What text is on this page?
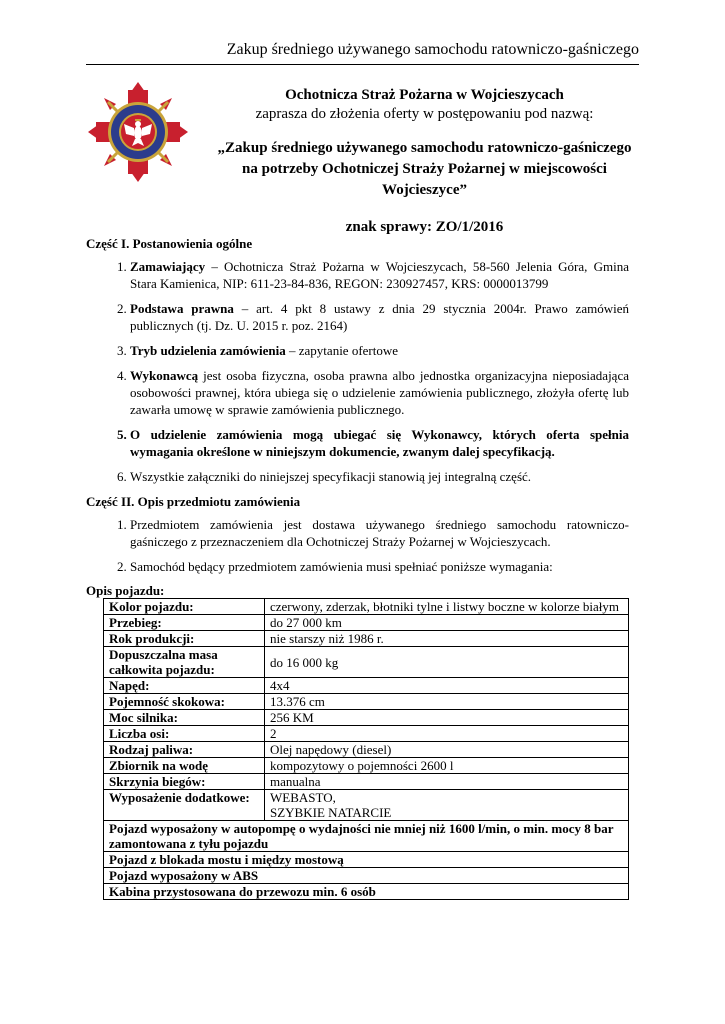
Zakup średniego używanego samochodu ratowniczo-gaśniczego
Ochotnicza Straż Pożarna w Wojcieszycach
zaprasza do złożenia oferty w postępowaniu pod nazwą:
„Zakup średniego używanego samochodu ratowniczo-gaśniczego na potrzeby Ochotniczej Straży Pożarnej w miejscowości Wojcieszyce”
znak sprawy: ZO/1/2016
Część I. Postanowienia ogólne
1. Zamawiający – Ochotnicza Straż Pożarna w Wojcieszycach, 58-560 Jelenia Góra, Gmina Stara Kamienica, NIP: 611-23-84-836, REGON: 230927457, KRS: 0000013799
2. Podstawa prawna – art. 4 pkt 8 ustawy z dnia 29 stycznia 2004r. Prawo zamówień publicznych (tj. Dz. U. 2015 r. poz. 2164)
3. Tryb udzielenia zamówienia – zapytanie ofertowe
4. Wykonawcą jest osoba fizyczna, osoba prawna albo jednostka organizacyjna nieposiadająca osobowości prawnej, która ubiega się o udzielenie zamówienia publicznego, złożyła ofertę lub zawarła umowę w sprawie zamówienia publicznego.
5. O udzielenie zamówienia mogą ubiegać się Wykonawcy, których oferta spełnia wymagania określone w niniejszym dokumencie, zwanym dalej specyfikacją.
6. Wszystkie załączniki do niniejszej specyfikacji stanowią jej integralną część.
Część II. Opis przedmiotu zamówienia
1. Przedmiotem zamówienia jest dostawa używanego średniego samochodu ratowniczo-gaśniczego z przeznaczeniem dla Ochotniczej Straży Pożarnej w Wojcieszycach.
2. Samochód będący przedmiotem zamówienia musi spełniać poniższe wymagania:
Opis pojazdu:
Kolor pojazdu:	czerwony, zderzak, błotniki tylne i listwy boczne w kolorze białym
Przebieg:	do 27 000 km
Rok produkcji:	nie starszy niż 1986 r.
Dopuszczalna masa całkowita pojazdu:	do 16 000 kg
Napęd:	4x4
Pojemność skokowa:	13.376 cm
Moc silnika:	256 KM
Liczba osi:	2
Rodzaj paliwa:	Olej napędowy (diesel)
Zbiornik na wodę	kompozytowy o pojemności 2600 l
Skrzynia biegów:	manualna
Wyposażenie dodatkowe:	WEBASTO,
SZYBKIE NATARCIE

Pojazd wyposażony w autopompę o wydajności nie mniej niż 1600 l/min, o min. mocy 8 bar zamontowana z tyłu pojazdu	
Pojazd z blokada mostu i między mostową	
Pojazd wyposażony w ABS	
Kabina przystosowana do przewozu min. 6 osób	
